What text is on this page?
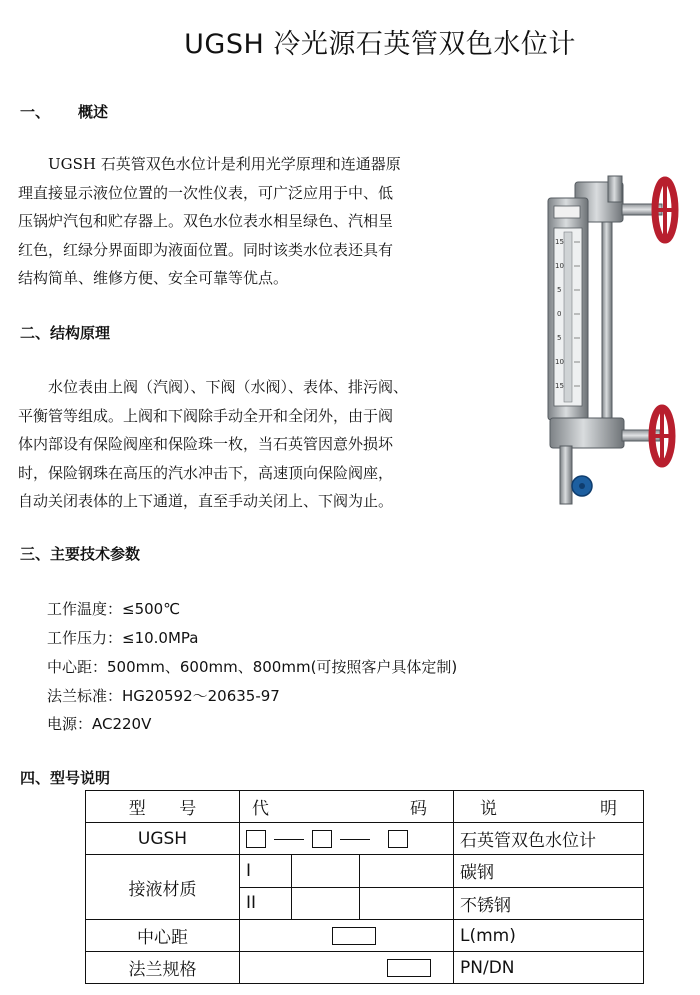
UGSH 冷光源石英管双色水位计
一、 概述
UGSH 石英管双色水位计是利用光学原理和连通器原
理直接显示液位位置的一次性仪表，可广泛应用于中、低
压锅炉汽包和贮存器上。双色水位表水相呈绿色、汽相呈
红色，红绿分界面即为液面位置。同时该类水位表还具有
结构简单、维修方便、安全可靠等优点。
二、结构原理
水位表由上阀（汽阀）、下阀（水阀）、表体、排污阀、
平衡管等组成。上阀和下阀除手动全开和全闭外，由于阀
体内部设有保险阀座和保险珠一枚，当石英管因意外损坏
时，保险钢珠在高压的汽水冲击下，高速顶向保险阀座，
自动关闭表体的上下通道，直至手动关闭上、下阀为止。
三、主要技术参数
工作温度：≤500℃
工作压力：≤10.0MPa
中心距：500mm、600mm、800mm(可按照客户具体定制)
法兰标准：HG20592～20635-97
电源：AC220V
四、型号说明
15
10
5
0
5
10
15
型 号	代 码			说 明

UGSH				石英管双色水位计
接液材质	I			碳钢
	II			不锈钢
中心距				L(mm)
法兰规格				PN/DN
